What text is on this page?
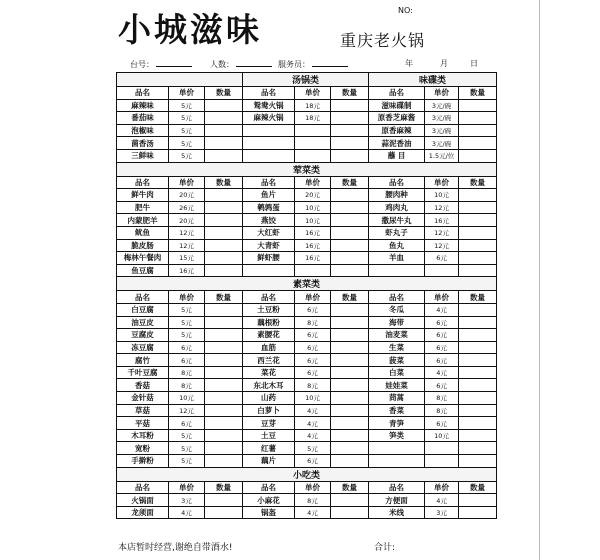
NO:
小城滋味	重庆老火锅
台号：	人数：	服务员：	年	月	日
			汤锅类			味碟类		
品名	单价	数量	品名	单价	数量	品名	单价	数量
麻辣味	5元		鸳鸯火锅	18元		滋味碟制	3元/碗	
番茄味	5元		麻辣火锅	18元		原香芝麻酱	3元/碗	
泡椒味	5元					原香麻辣	3元/碗	
菌香汤	5元					蒜泥香油	3元/碗	
三鲜味	5元					蘸 目	1.5元/位	
荤菜类								
品名	单价	数量	品名	单价	数量	品名	单价	数量
鲜牛肉	20元		鱼片	20元		腰肉种	10元	
肥牛	26元		鹌鹑蛋	10元		鸡肉丸	12元	
内蒙肥羊	20元		燕饺	10元		撒尿牛丸	16元	
鱿鱼	12元		大红虾	16元		虾丸子	12元	
脆皮肠	12元		大青虾	16元		鱼丸	12元	
梅林午餐肉	15元		鲜虾腰	16元		羊血	6元	
鱼豆腐	16元							
素菜类								
品名	单价	数量	品名	单价	数量	品名	单价	数量
白豆腐	5元		土豆粉	6元		冬瓜	4元	
油豆皮	5元		藕根粉	8元		海带	6元	
豆腐皮	5元		素腰花	6元		油麦菜	6元	
冻豆腐	6元		血筋	6元		生菜	6元	
腐竹	6元		西兰花	6元		菠菜	6元	
千叶豆腐	8元		菜花	6元		白菜	4元	
香菇	8元		东北木耳	8元		娃娃菜	6元	
金针菇	10元		山药	10元		茼蒿	8元	
草菇	12元		白萝卜	4元		香菜	8元	
平菇	6元		豆芽	4元		青笋	6元	
木耳粉	5元		土豆	4元		笋类	10元	
宽粉	5元		红薯	5元				
手擀粉	5元		藕片	6元				
小吃类								
品名	单价	数量	品名	单价	数量	品名	单价	数量
火锅面	3元		小麻花	8元		方便面	4元	
龙须面	4元		锅盔	4元		米线	3元	
本店暂时经营,谢绝自带酒水!	合计:
